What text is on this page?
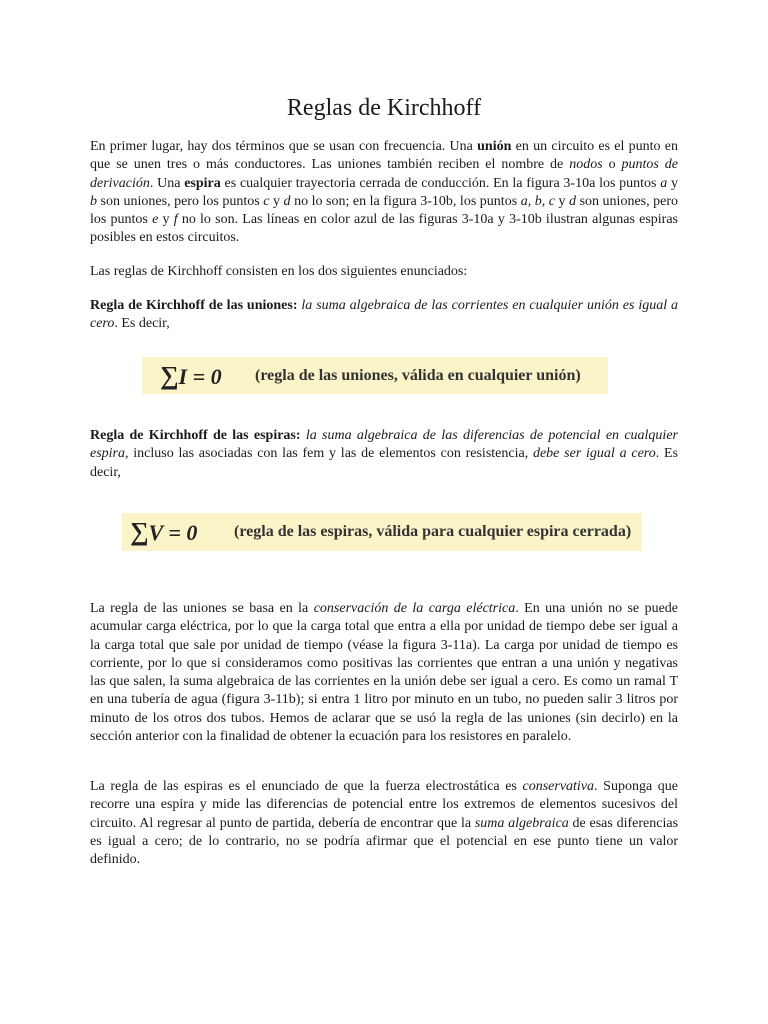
Reglas de Kirchhoff

En primer lugar, hay dos términos que se usan con frecuencia. Una unión en un circuito es el punto en que se unen tres o más conductores. Las uniones también reciben el nombre de nodos o puntos de derivación. Una espira es cualquier trayectoria cerrada de conducción. En la figura 3-10a los puntos a y b son uniones, pero los puntos c y d no lo son; en la figura 3-10b, los puntos a, b, c y d son uniones, pero los puntos e y f no lo son. Las líneas en color azul de las figuras 3-10a y 3-10b ilustran algunas espiras posibles en estos circuitos.

Las reglas de Kirchhoff consisten en los dos siguientes enunciados:

Regla de Kirchhoff de las uniones: la suma algebraica de las corrientes en cualquier unión es igual a cero. Es decir,

∑I = 0	(regla de las uniones, válida en cualquier unión)

Regla de Kirchhoff de las espiras: la suma algebraica de las diferencias de potencial en cualquier espira, incluso las asociadas con las fem y las de elementos con resistencia, debe ser igual a cero. Es decir,

∑V = 0	(regla de las espiras, válida para cualquier espira cerrada)

La regla de las uniones se basa en la conservación de la carga eléctrica. En una unión no se puede acumular carga eléctrica, por lo que la carga total que entra a ella por unidad de tiempo debe ser igual a la carga total que sale por unidad de tiempo (véase la figura 3-11a). La carga por unidad de tiempo es corriente, por lo que si consideramos como positivas las corrientes que entran a una unión y negativas las que salen, la suma algebraica de las corrientes en la unión debe ser igual a cero. Es como un ramal T en una tubería de agua (figura 3-11b); si entra 1 litro por minuto en un tubo, no pueden salir 3 litros por minuto de los otros dos tubos. Hemos de aclarar que se usó la regla de las uniones (sin decirlo) en la sección anterior con la finalidad de obtener la ecuación para los resistores en paralelo.

La regla de las espiras es el enunciado de que la fuerza electrostática es conservativa. Suponga que recorre una espira y mide las diferencias de potencial entre los extremos de elementos sucesivos del circuito. Al regresar al punto de partida, debería de encontrar que la suma algebraica de esas diferencias es igual a cero; de lo contrario, no se podría afirmar que el potencial en ese punto tiene un valor definido.
